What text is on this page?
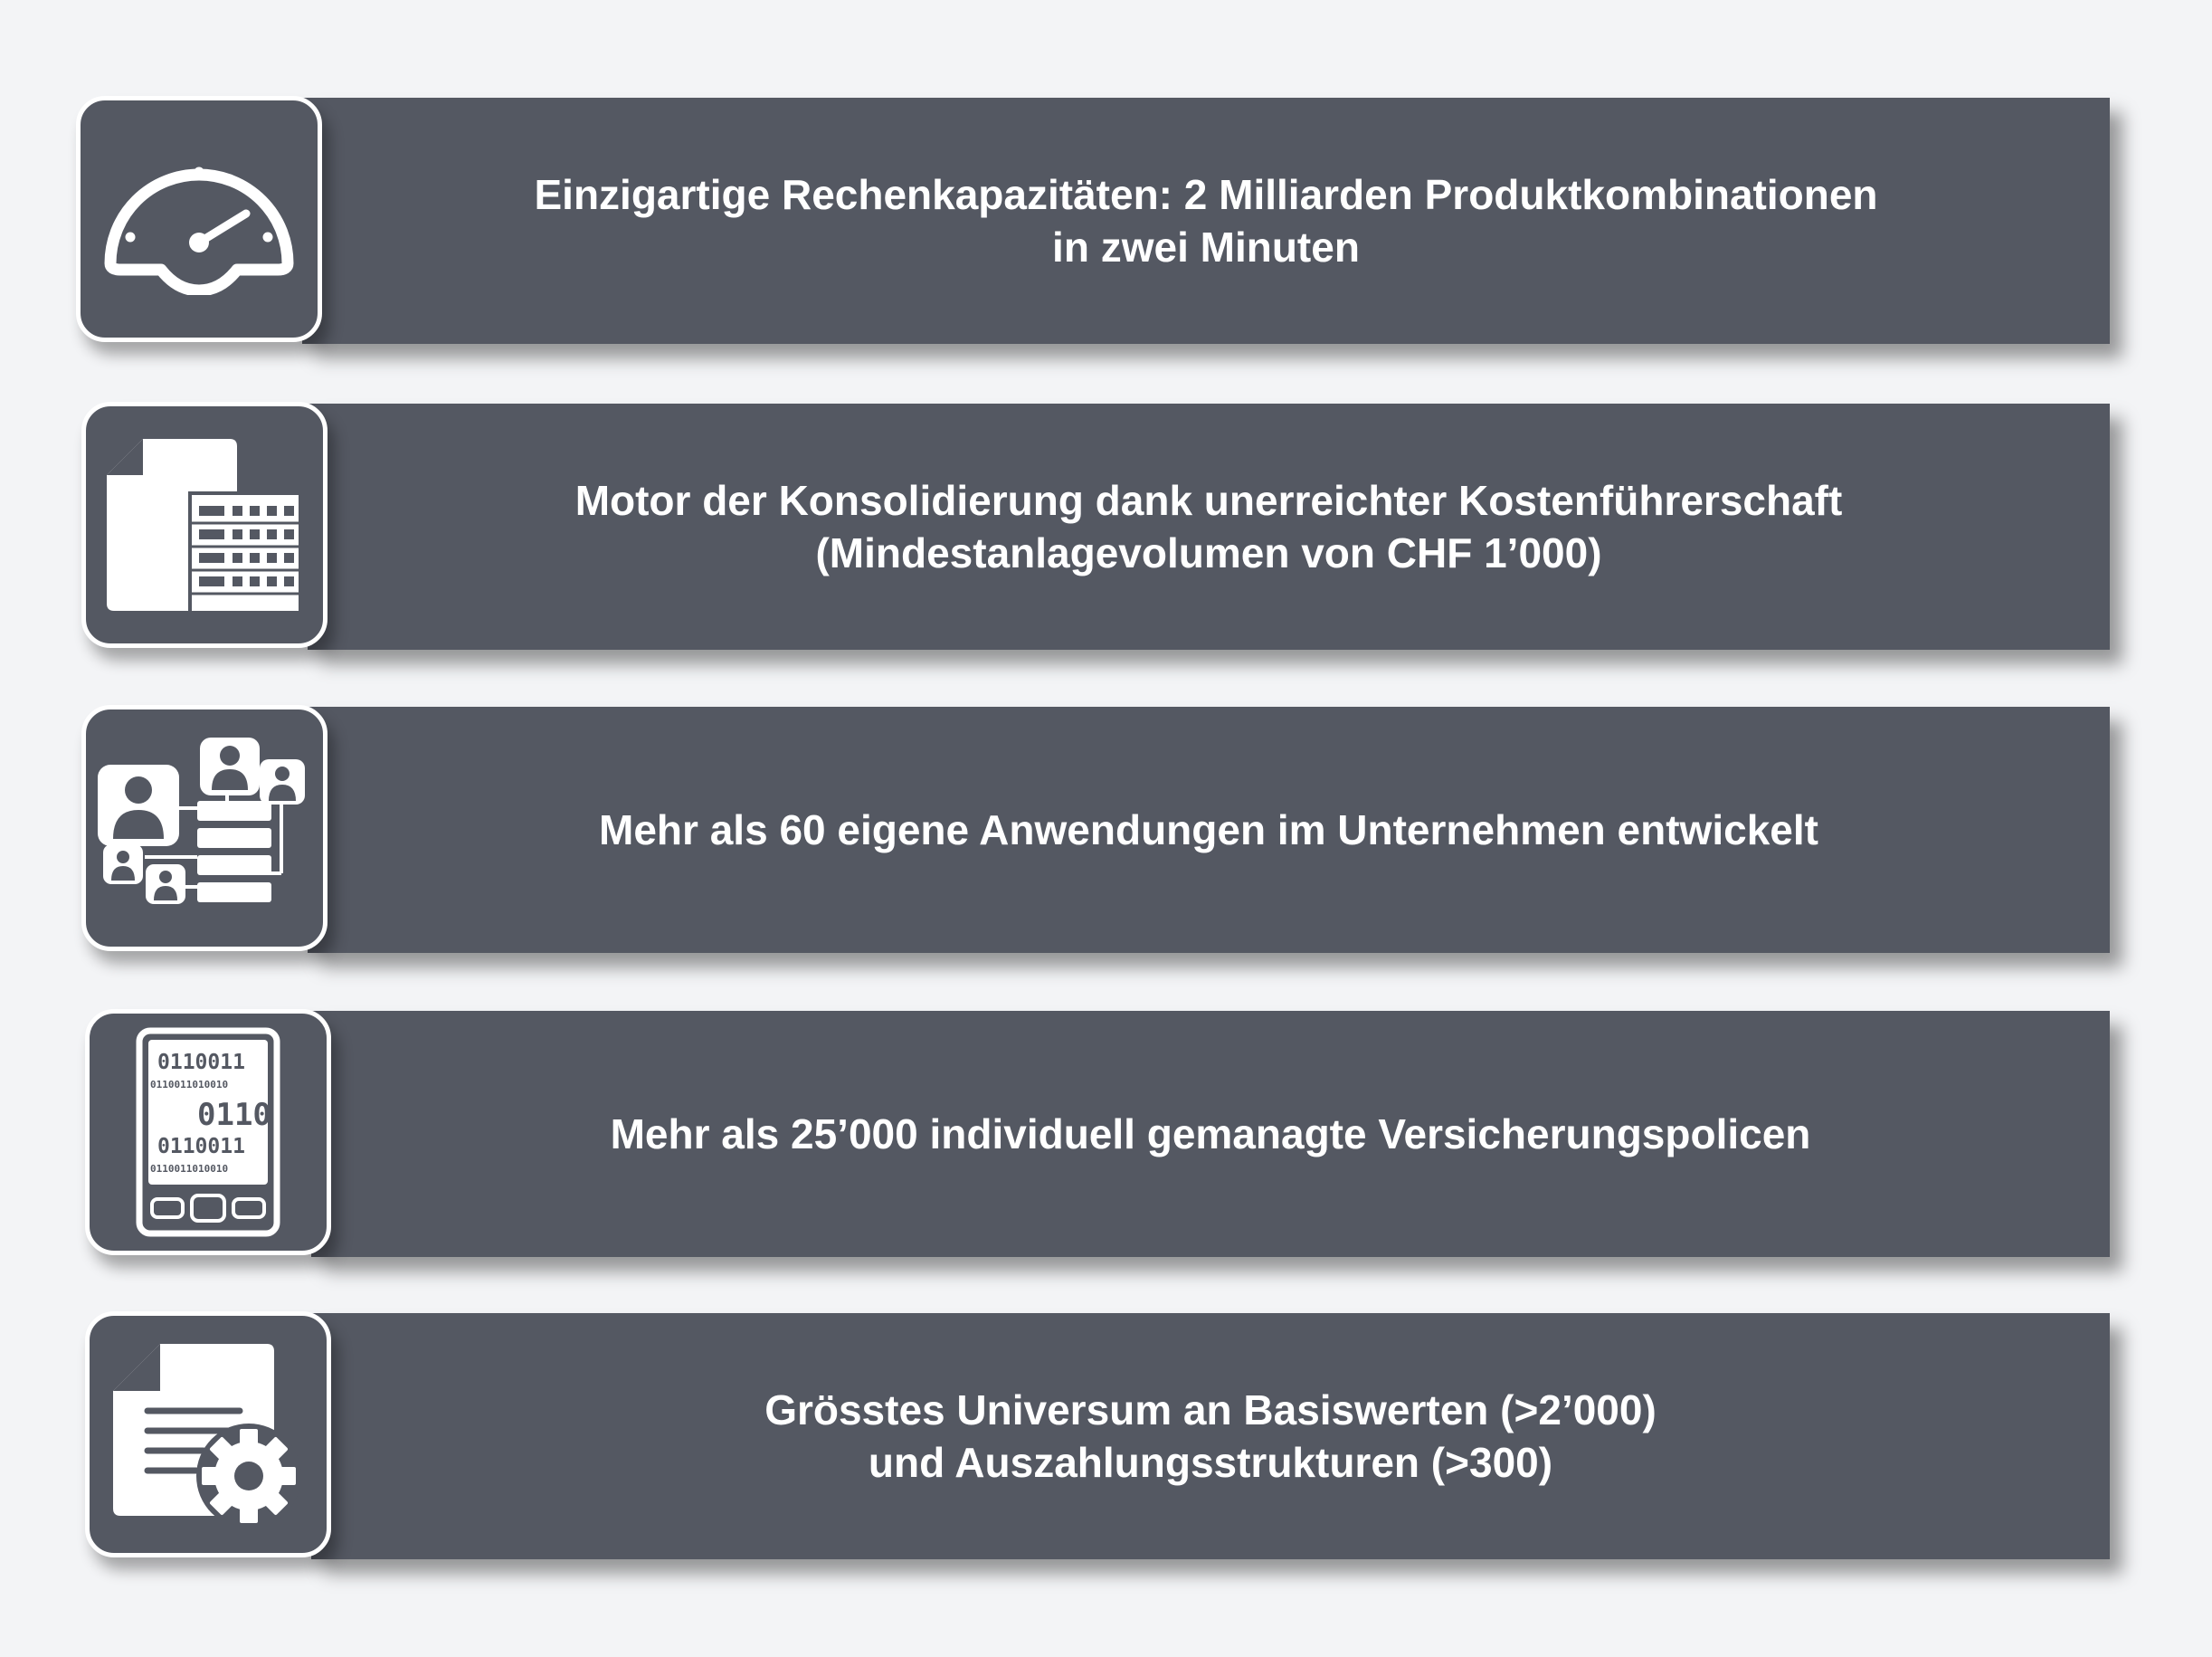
Einzigartige Rechenkapazitäten: 2 Milliarden Produktkombinationen
in zwei Minuten
Motor der Konsolidierung dank unerreichter Kostenführerschaft
(Mindestanlagevolumen von CHF 1’000)
Mehr als 60 eigene Anwendungen im Unternehmen entwickelt
Mehr als 25’000 individuell gemanagte Versicherungspolicen
0110011
0110011010010
0110
0110011
0110011010010
Grösstes Universum an Basiswerten (>2’000)
und Auszahlungsstrukturen (>300)
